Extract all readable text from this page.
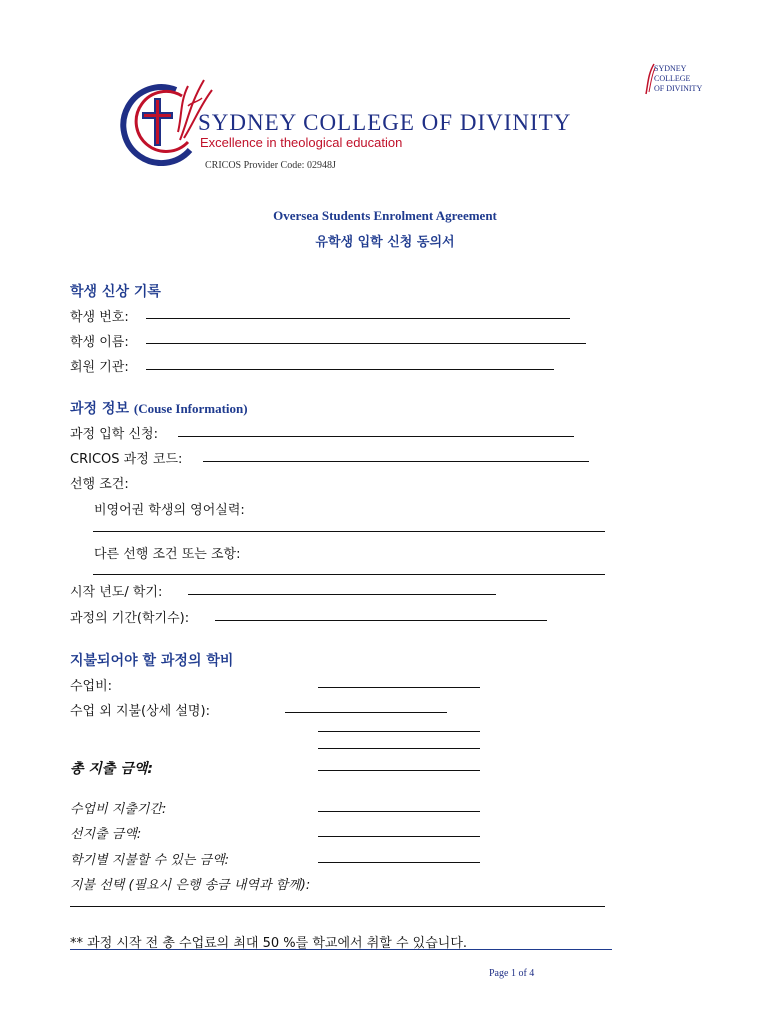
SYDNEY COLLEGE OF DIVINITY
Excellence in theological education
CRICOS Provider Code: 02948J
SYDNEY
COLLEGE
OF DIVINITY
Oversea Students Enrolment Agreement
유학생 입학 신청 동의서
학생 신상 기록
학생 번호:
학생 이름:
회원 기관:
과정 정보 (Couse Information)
과정 입학 신청:
CRICOS 과정 코드:
선행 조건:
비영어권 학생의 영어실력:
다른 선행 조건 또는 조항:
시작 년도/ 학기:
과정의 기간(학기수):
지불되어야 할 과정의 학비
수업비:
수업 외 지불(상세 설명):
총 지출 금액:
수업비 지출기간:
선지출 금액:
학기별 지불할 수 있는 금액:
지불 선택 (필요시 은행 송금 내역과 함께):
** 과정 시작 전 총 수업료의 최대 50 %를 학교에서 취할 수 있습니다.
Page 1 of 4
